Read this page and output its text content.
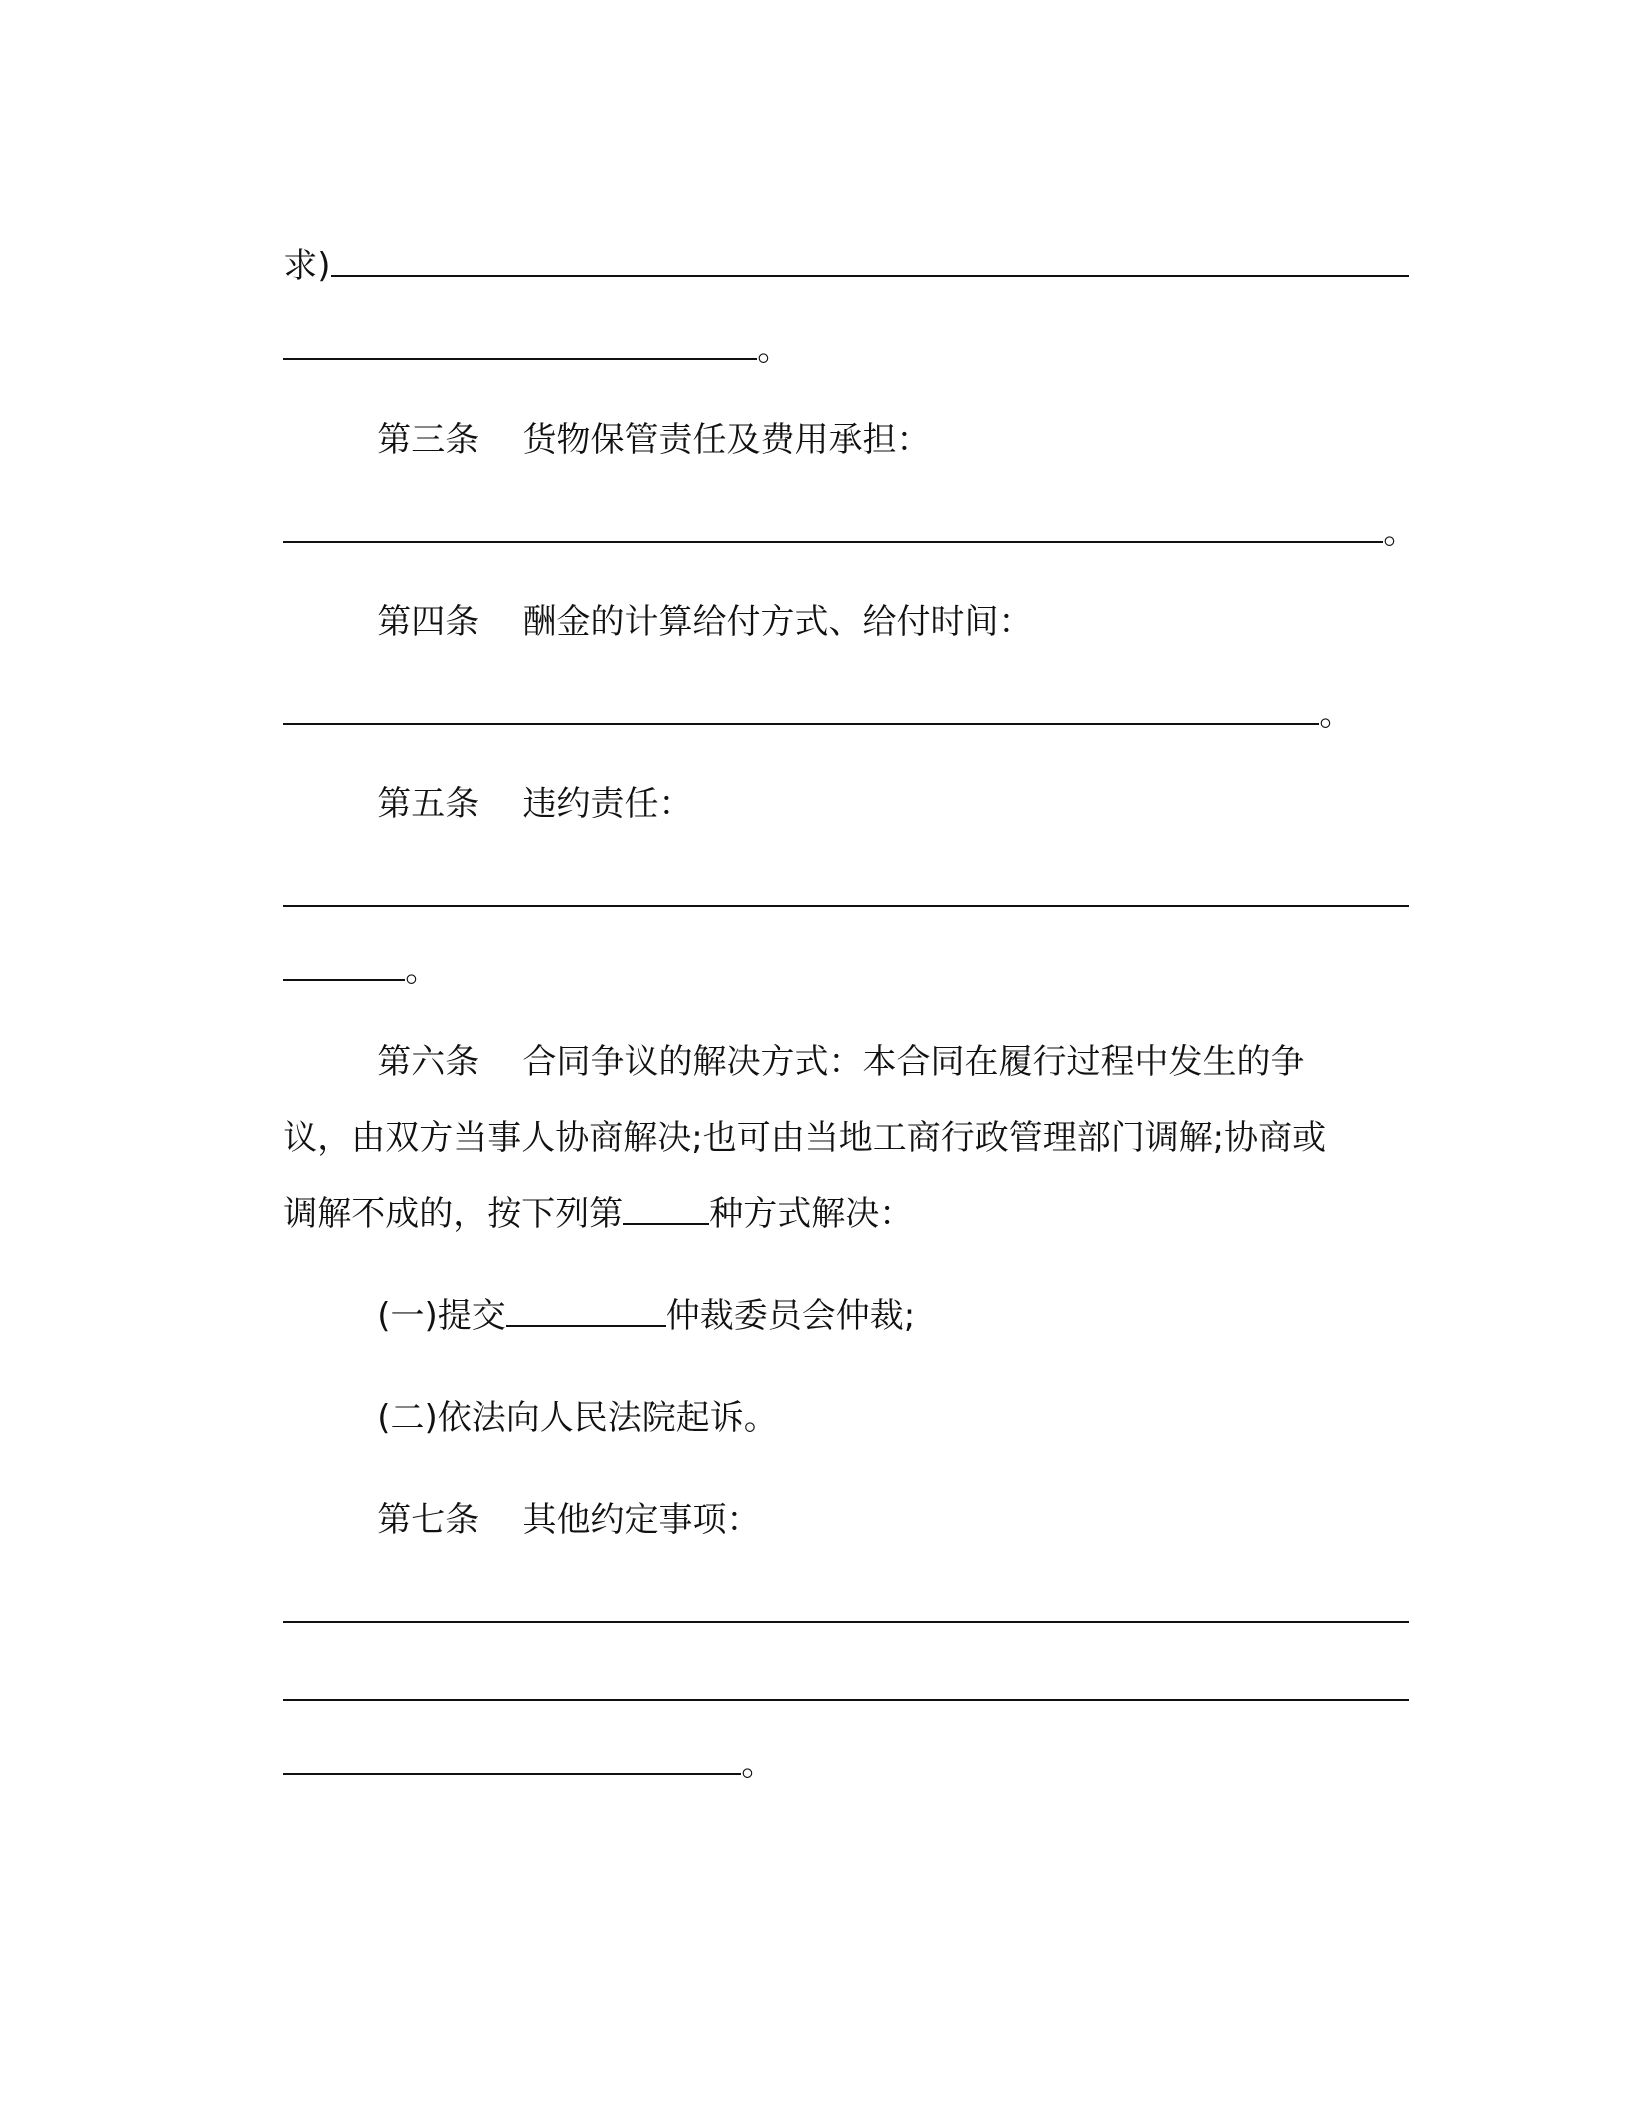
求)

。

第三条 货物保管责任及费用承担：

。

第四条 酬金的计算给付方式、给付时间：

。

第五条 违约责任：

。

第六条 合同争议的解决方式：本合同在履行过程中发生的争

议，由双方当事人协商解决;也可由当地工商行政管理部门调解;协商或

调解不成的，按下列第	种方式解决：

(一)提交	仲裁委员会仲裁;

(二)依法向人民法院起诉。

第七条 其他约定事项：

。
